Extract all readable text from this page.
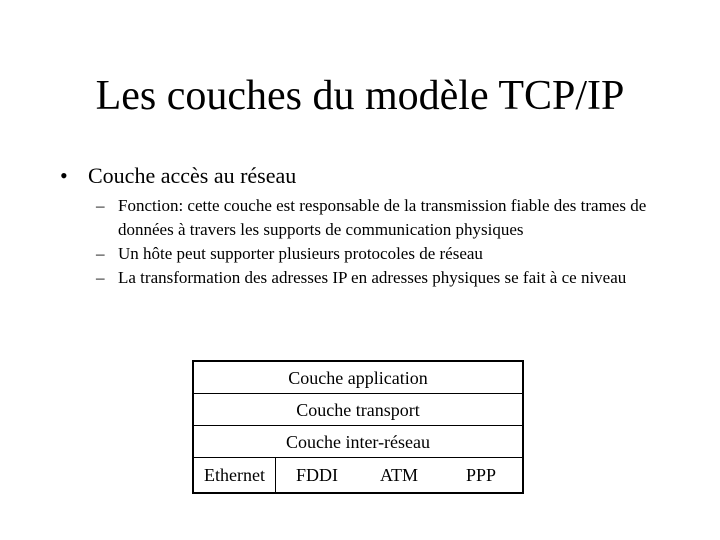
Les couches du modèle TCP/IP
• Couche accès au réseau
– Fonction: cette couche est responsable de la transmission fiable des trames de données à travers les supports de communication physiques
– Un hôte peut supporter plusieurs protocoles de réseau
– La transformation des adresses IP en adresses physiques se fait à ce niveau
Couche application
Couche transport
Couche inter-réseau
Ethernet	FDDI	ATM	PPP
